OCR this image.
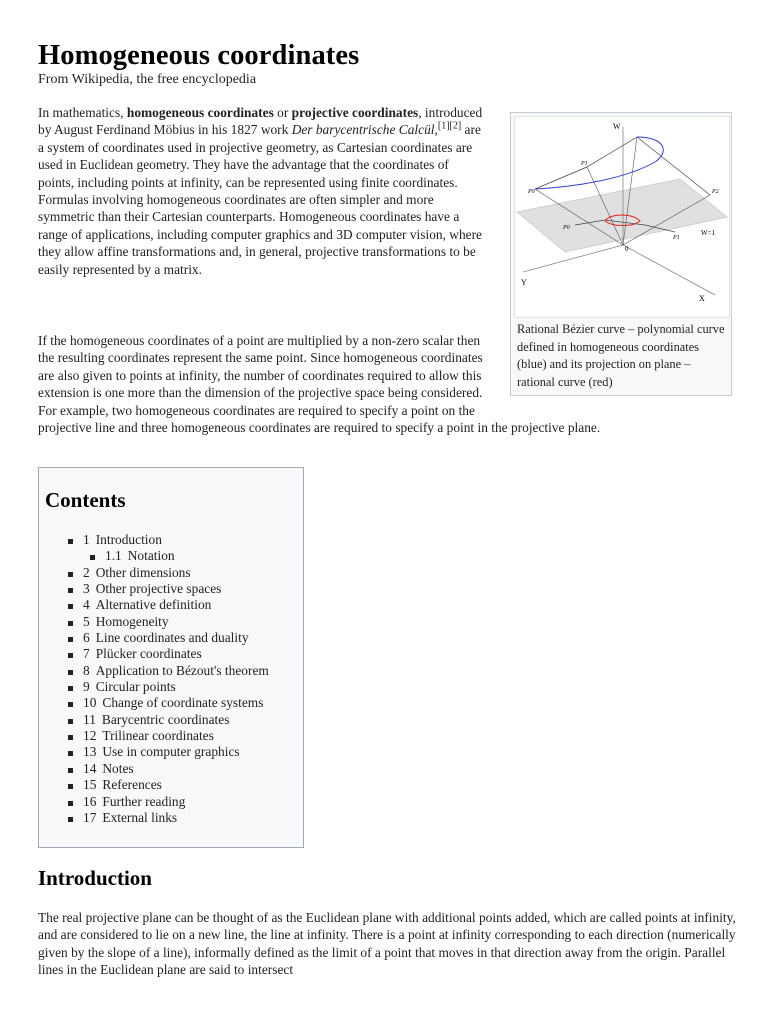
Homogeneous coordinates
From Wikipedia, the free encyclopedia
In mathematics, homogeneous coordinates or projective coordinates, introduced by August Ferdinand Möbius in his 1827 work Der barycentrische Calcül,[1][2] are a system of coordinates used in projective geometry, as Cartesian coordinates are used in Euclidean geometry. They have the advantage that the coordinates of points, including points at infinity, can be represented using finite coordinates. Formulas involving homogeneous coordinates are often simpler and more symmetric than their Cartesian counterparts. Homogeneous coordinates have a range of applications, including computer graphics and 3D computer vision, where they allow affine transformations and, in general, projective transformations to be easily represented by a matrix.
If the homogeneous coordinates of a point are multiplied by a non-zero scalar then the resulting coordinates represent the same point. Since homogeneous coordinates are also given to points at infinity, the number of coordinates required to allow this extension is one more than the dimension of the projective space being considered. For example, two homogeneous coordinates are required to specify a point on the projective line and three homogeneous coordinates are required to specify a point in the projective plane.
W
Y
X
0
W=1
P0
P1
P2
P0
P1
Rational Bézier curve – polynomial curve defined in homogeneous coordinates (blue) and its projection on plane – rational curve (red)
Contents
1 Introduction
1.1 Notation
2 Other dimensions
3 Other projective spaces
4 Alternative definition
5 Homogeneity
6 Line coordinates and duality
7 Plücker coordinates
8 Application to Bézout's theorem
9 Circular points
10 Change of coordinate systems
11 Barycentric coordinates
12 Trilinear coordinates
13 Use in computer graphics
14 Notes
15 References
16 Further reading
17 External links
Introduction
The real projective plane can be thought of as the Euclidean plane with additional points added, which are called points at infinity, and are considered to lie on a new line, the line at infinity. There is a point at infinity corresponding to each direction (numerically given by the slope of a line), informally defined as the limit of a point that moves in that direction away from the origin. Parallel lines in the Euclidean plane are said to intersect
